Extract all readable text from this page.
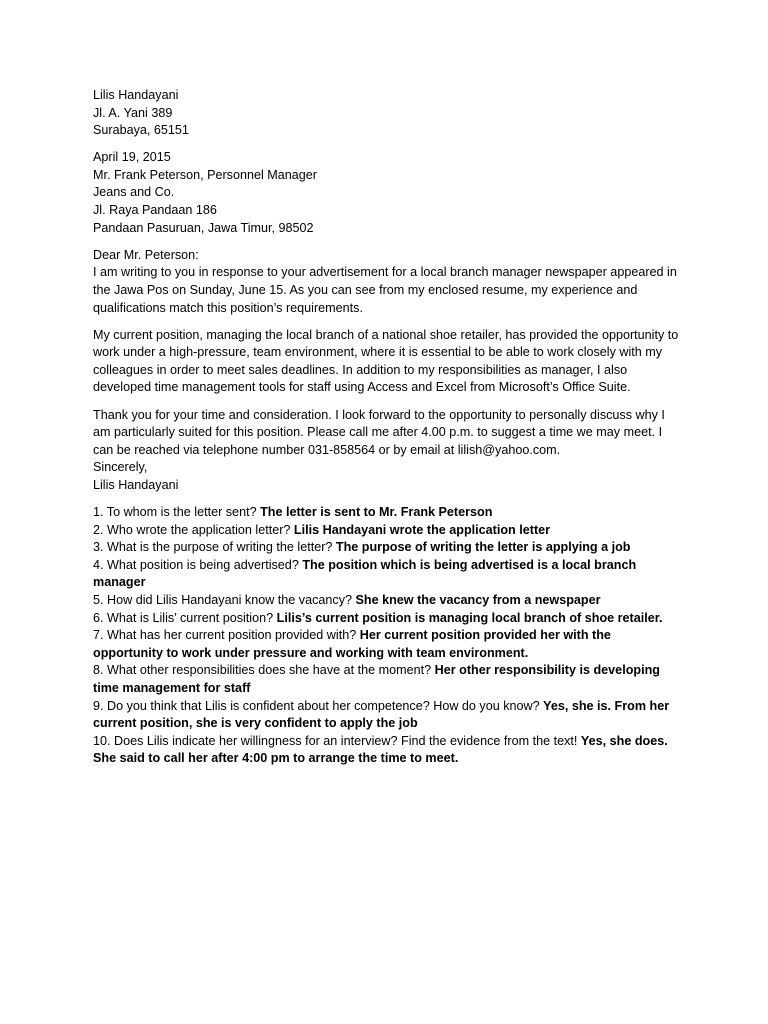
Lilis Handayani

Jl. A. Yani 389

Surabaya, 65151

April 19, 2015

Mr. Frank Peterson, Personnel Manager

Jeans and Co.

Jl. Raya Pandaan 186

Pandaan Pasuruan, Jawa Timur, 98502

Dear Mr. Peterson:

I am writing to you in response to your advertisement for a local branch manager newspaper appeared in the Jawa Pos on Sunday, June 15. As you can see from my enclosed resume, my experience and qualifications match this position’s requirements.

My current position, managing the local branch of a national shoe retailer, has provided the opportunity to work under a high-pressure, team environment, where it is essential to be able to work closely with my colleagues in order to meet sales deadlines. In addition to my responsibilities as manager, I also developed time management tools for staff using Access and Excel from Microsoft’s Office Suite.

Thank you for your time and consideration. I look forward to the opportunity to personally discuss why I am particularly suited for this position. Please call me after 4.00 p.m. to suggest a time we may meet. I can be reached via telephone number 031-858564 or by email at lilish@yahoo.com.

Sincerely,

Lilis Handayani

1. To whom is the letter sent? The letter is sent to Mr. Frank Peterson

2. Who wrote the application letter? Lilis Handayani wrote the application letter

3. What is the purpose of writing the letter? The purpose of writing the letter is applying a job

4. What position is being advertised? The position which is being advertised is a local branch manager

5. How did Lilis Handayani know the vacancy? She knew the vacancy from a newspaper

6. What is Lilis’ current position? Lilis’s current position is managing local branch of shoe retailer.

7. What has her current position provided with? Her current position provided her with the opportunity to work under pressure and working with team environment.

8. What other responsibilities does she have at the moment? Her other responsibility is developing time management for staff

9. Do you think that Lilis is confident about her competence? How do you know? Yes, she is. From her current position, she is very confident to apply the job

10. Does Lilis indicate her willingness for an interview? Find the evidence from the text! Yes, she does. She said to call her after 4:00 pm to arrange the time to meet.
